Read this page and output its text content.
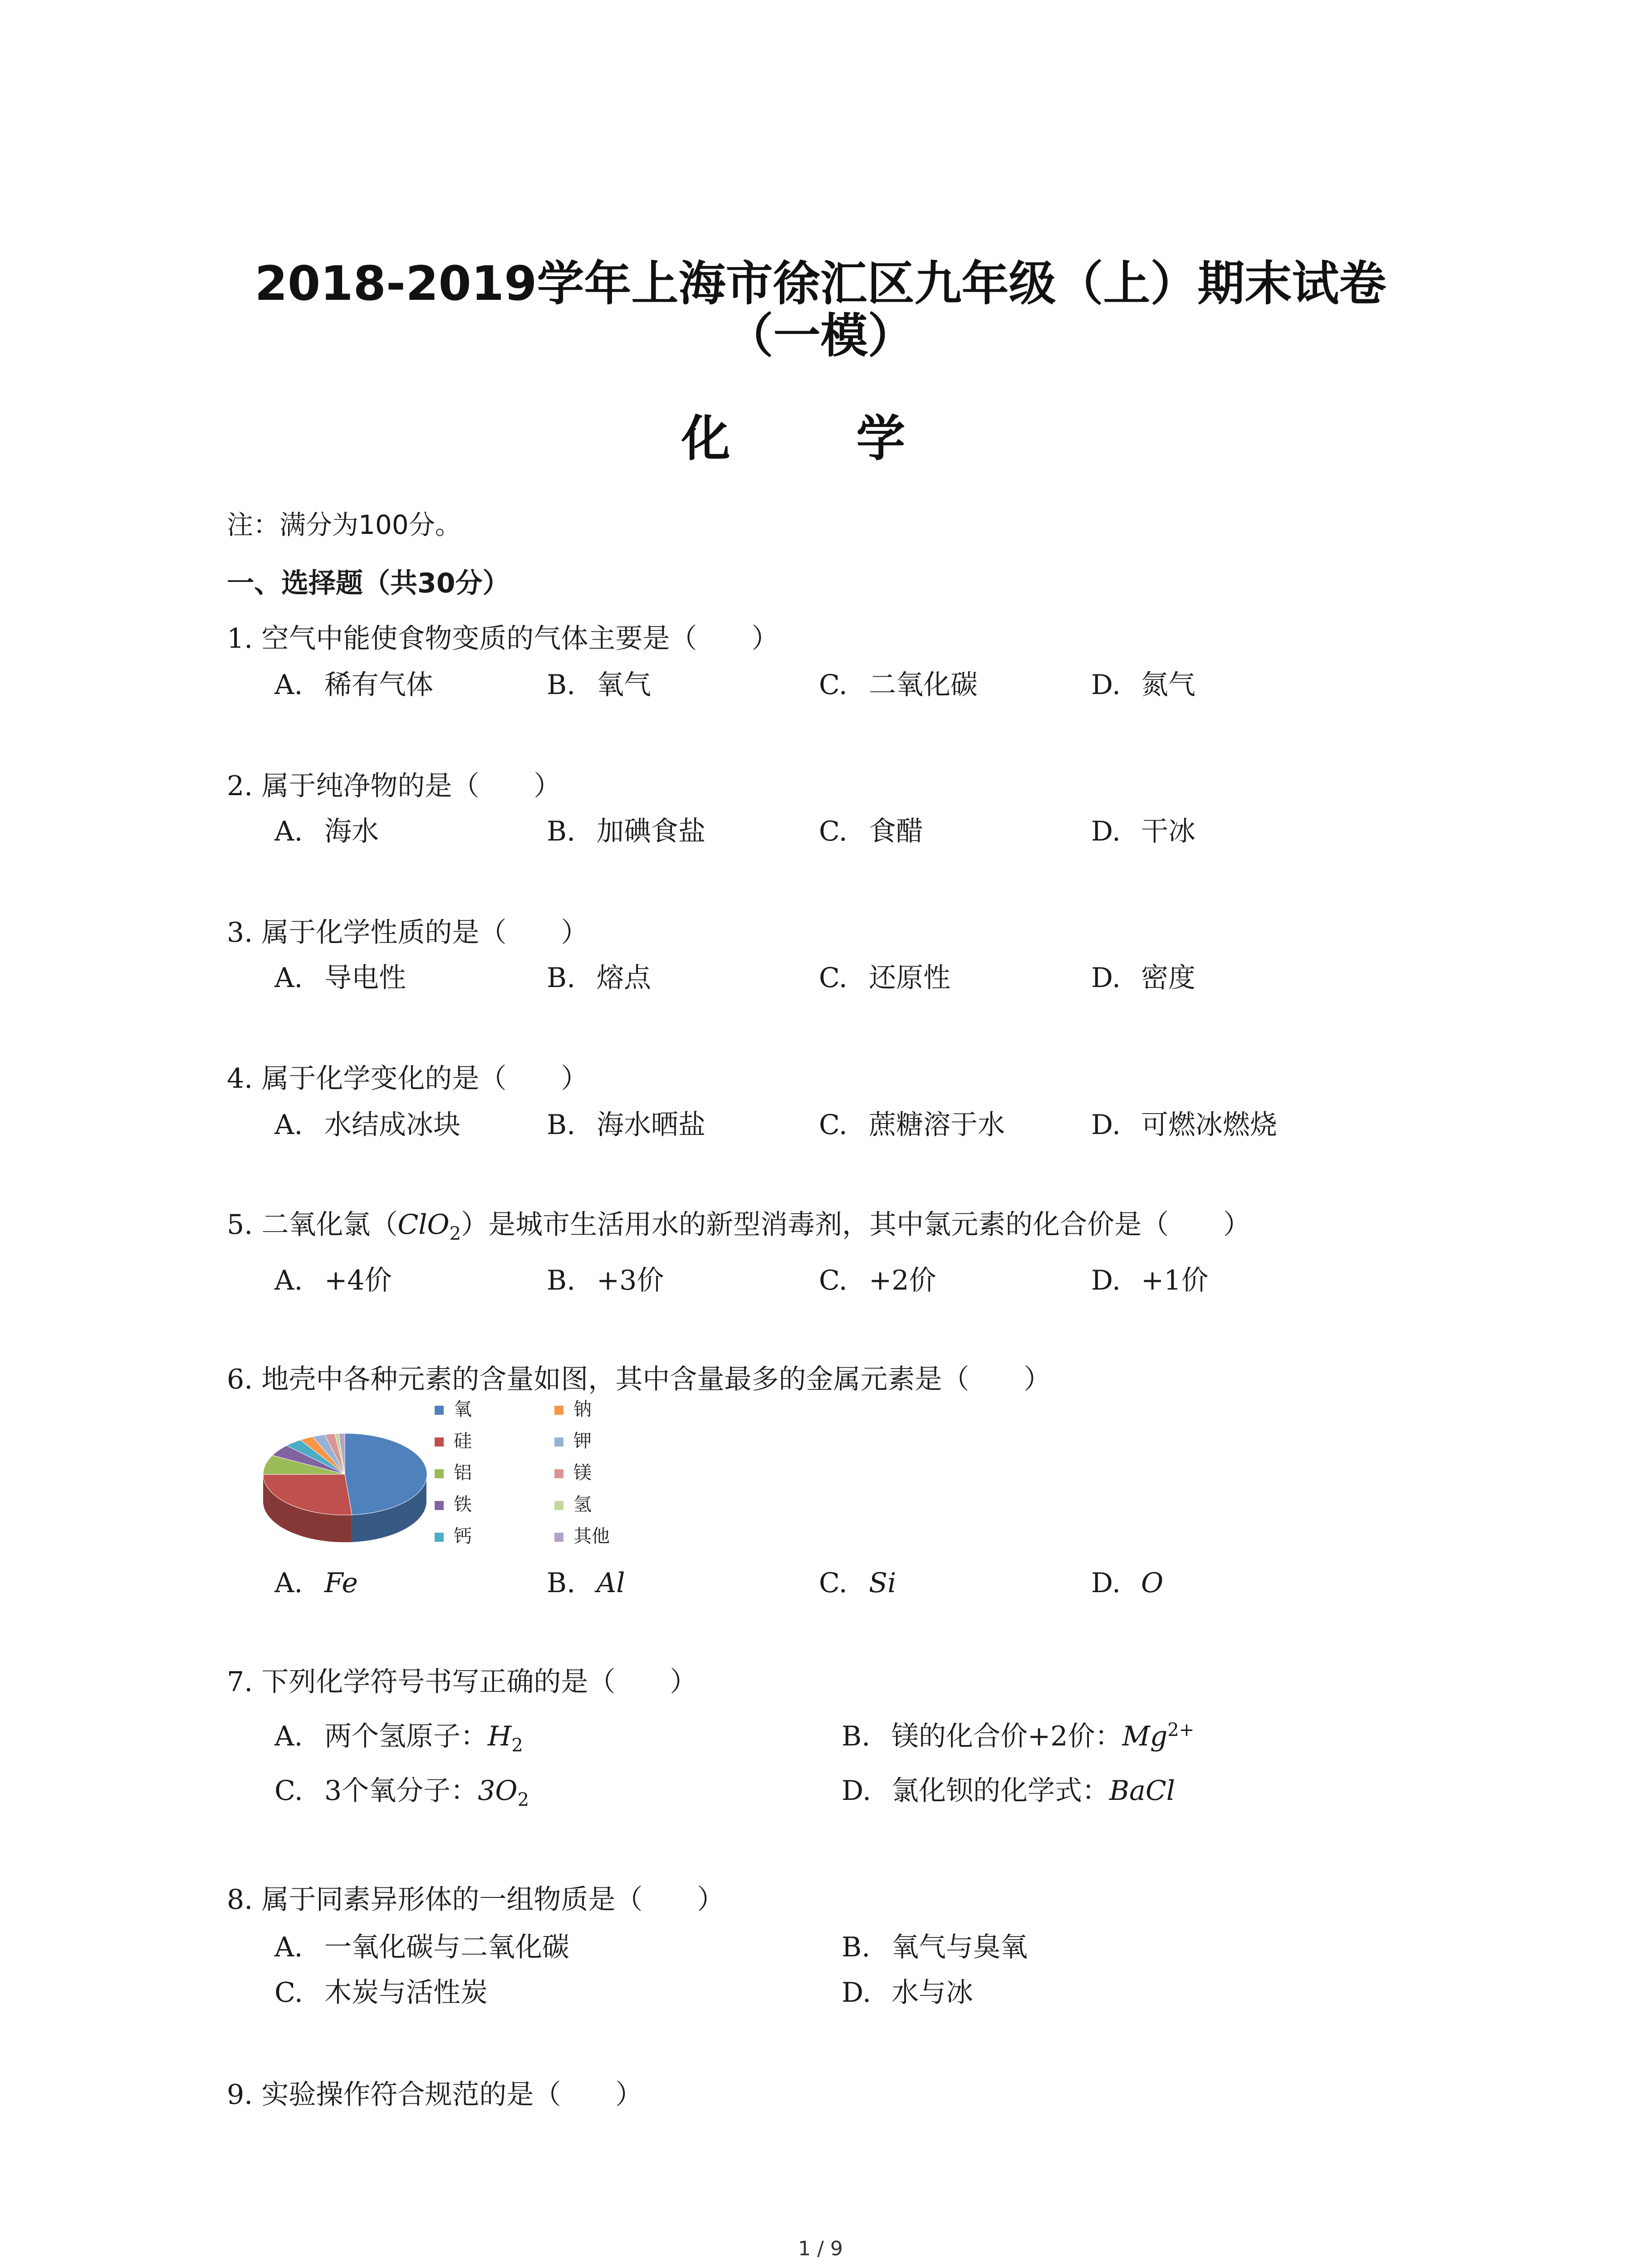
2018-2019学年上海市徐汇区九年级（上）期末试卷
（一模）
化 学
注：满分为100分。
一、选择题（共30分）
1. 空气中能使食物变质的气体主要是（　　）
A. 稀有气体	B. 氧气	C. 二氧化碳	D. 氮气
2. 属于纯净物的是（　　）
A. 海水	B. 加碘食盐	C. 食醋	D. 干冰
3. 属于化学性质的是（　　）
A. 导电性	B. 熔点	C. 还原性	D. 密度
4. 属于化学变化的是（　　）
A. 水结成冰块	B. 海水晒盐	C. 蔗糖溶于水	D. 可燃冰燃烧
5. 二氧化氯（ClO$_2$）是城市生活用水的新型消毒剂，其中氯元素的化合价是（　　）
A. +4价	B. +3价	C. +2价	D. +1价
6. 地壳中各种元素的含量如图，其中含量最多的金属元素是（　　）
氧
硅
铝
铁
钙
钠
钾
镁
氢
其他
A. Fe	B. Al	C. Si	D. O
7. 下列化学符号书写正确的是（　　）
A. 两个氢原子：$H_2$	B. 镁的化合价+2价：$Mg^{2+}$
C. 3个氧分子：$3O_2$	D. 氯化钡的化学式：BaCl
8. 属于同素异形体的一组物质是（　　）
A. 一氧化碳与二氧化碳	B. 氧气与臭氧
C. 木炭与活性炭	D. 水与冰
9. 实验操作符合规范的是（　　）
1 / 9
